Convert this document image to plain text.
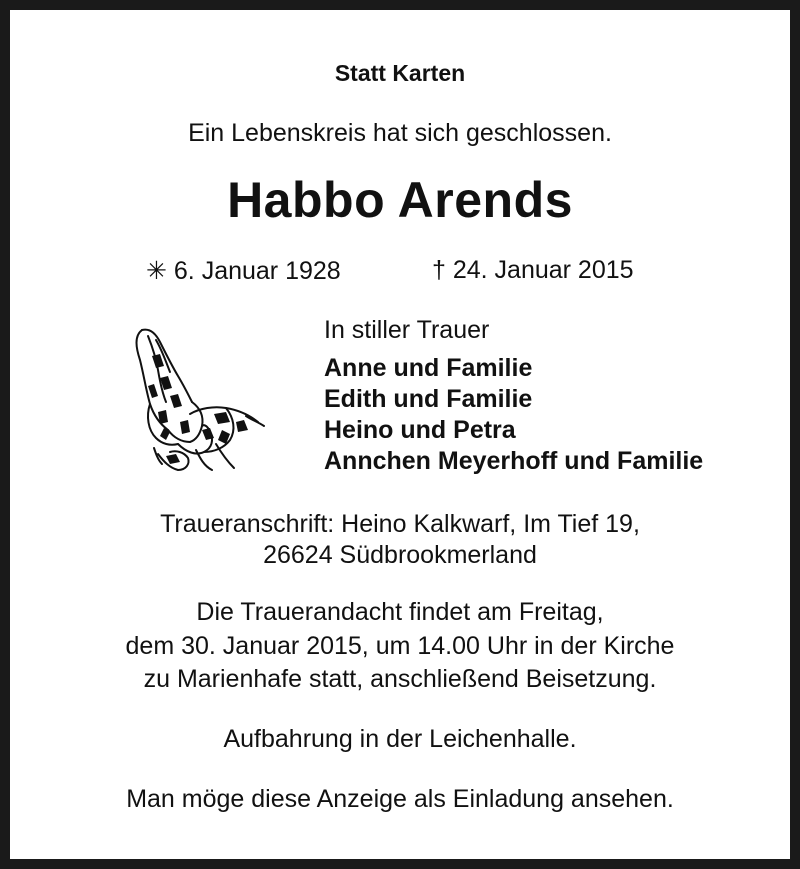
Statt Karten
Ein Lebenskreis hat sich geschlossen.
Habbo Arends
✳ 6. Januar 1928	† 24. Januar 2015
In stiller Trauer
Anne und Familie
Edith und Familie
Heino und Petra
Annchen Meyerhoff und Familie
Traueranschrift: Heino Kalkwarf, Im Tief 19,
26624 Südbrookmerland
Die Trauerandacht findet am Freitag,
dem 30. Januar 2015, um 14.00 Uhr in der Kirche
zu Marienhafe statt, anschließend Beisetzung.
Aufbahrung in der Leichenhalle.
Man möge diese Anzeige als Einladung ansehen.
